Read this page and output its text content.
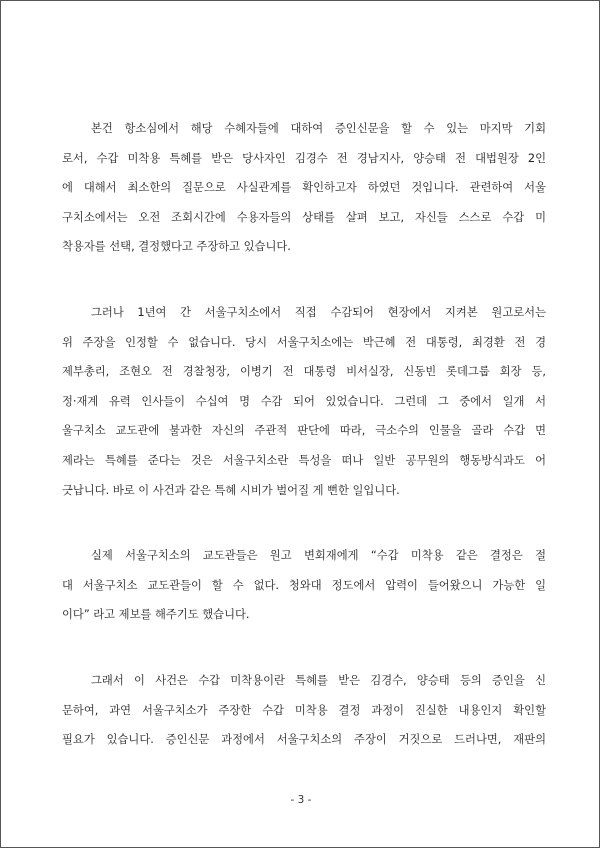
본건 항소심에서 해당 수혜자들에 대하여 증인신문을 할 수 있는 마지막 기회
로서, 수갑 미착용 특혜를 받은 당사자인 김경수 전 경남지사, 양승태 전 대법원장 2인
에 대해서 최소한의 질문으로 사실관계를 확인하고자 하였던 것입니다. 관련하여 서울
구치소에서는 오전 조회시간에 수용자들의 상태를 살펴 보고, 자신들 스스로 수갑 미
착용자를 선택, 결정했다고 주장하고 있습니다.
그러나 1년여 간 서울구치소에서 직접 수감되어 현장에서 지켜본 원고로서는
위 주장을 인정할 수 없습니다. 당시 서울구치소에는 박근혜 전 대통령, 최경환 전 경
제부총리, 조현오 전 경찰청장, 이병기 전 대통령 비서실장, 신동빈 롯데그룹 회장 등,
정·재계 유력 인사들이 수십여 명 수감 되어 있었습니다. 그런데 그 중에서 일개 서
울구치소 교도관에 불과한 자신의 주관적 판단에 따라, 극소수의 인물을 골라 수갑 면
제라는 특혜를 준다는 것은 서울구치소란 특성을 떠나 일반 공무원의 행동방식과도 어
긋납니다. 바로 이 사건과 같은 특혜 시비가 벌어질 게 뻔한 일입니다.
실제 서울구치소의 교도관들은 원고 변회재에게 “수갑 미착용 같은 결정은 절
대 서울구치소 교도관들이 할 수 없다. 청와대 정도에서 압력이 들어왔으니 가능한 일
이다” 라고 제보를 해주기도 했습니다.
그래서 이 사건은 수갑 미착용이란 특혜를 받은 김경수, 양승태 등의 증인을 신
문하여, 과연 서울구치소가 주장한 수갑 미착용 결정 과정이 진실한 내용인지 확인할
필요가 있습니다. 증인신문 과정에서 서울구치소의 주장이 거짓으로 드러나면, 재판의
- 3 -
